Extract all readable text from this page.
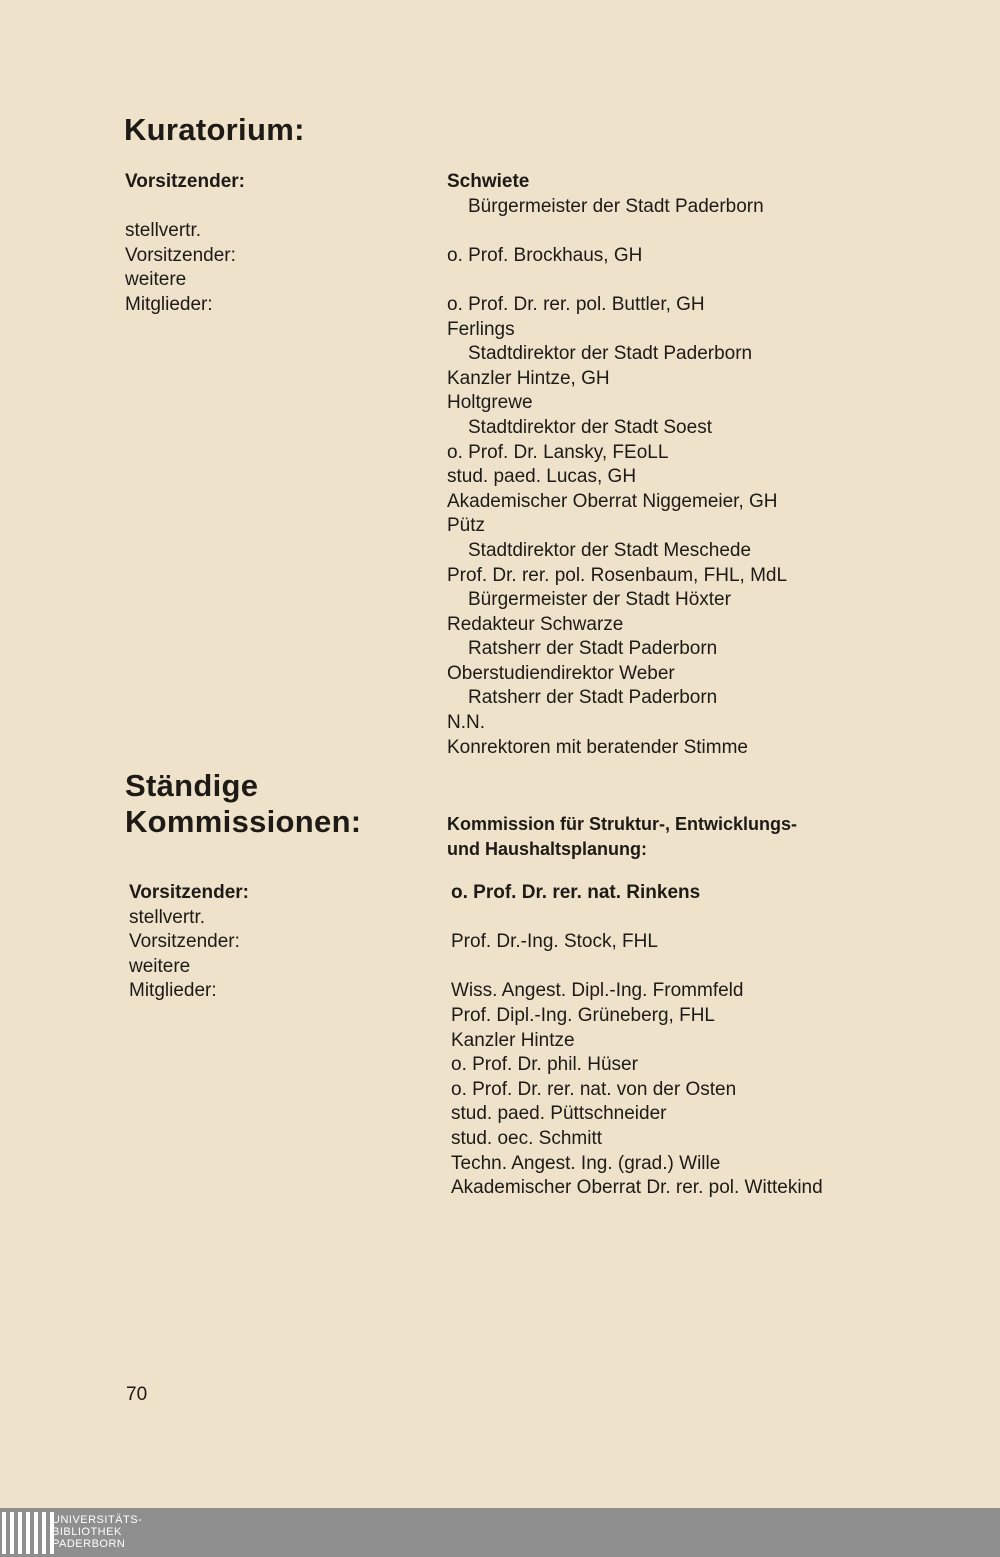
Kuratorium:
Vorsitzender:
stellvertr.
Vorsitzender:
weitere
Mitglieder:
Schwiete
Bürgermeister der Stadt Paderborn
o. Prof. Brockhaus, GH
o. Prof. Dr. rer. pol. Buttler, GH
Ferlings
Stadtdirektor der Stadt Paderborn
Kanzler Hintze, GH
Holtgrewe
Stadtdirektor der Stadt Soest
o. Prof. Dr. Lansky, FEoLL
stud. paed. Lucas, GH
Akademischer Oberrat Niggemeier, GH
Pütz
Stadtdirektor der Stadt Meschede
Prof. Dr. rer. pol. Rosenbaum, FHL, MdL
Bürgermeister der Stadt Höxter
Redakteur Schwarze
Ratsherr der Stadt Paderborn
Oberstudiendirektor Weber
Ratsherr der Stadt Paderborn
N.N.
Konrektoren mit beratender Stimme
Ständige
Kommissionen:	Kommission für Struktur-, Entwicklungs-
und Haushaltsplanung:
Vorsitzender:
stellvertr.
Vorsitzender:
weitere
Mitglieder:
o. Prof. Dr. rer. nat. Rinkens
Prof. Dr.-Ing. Stock, FHL
Wiss. Angest. Dipl.-Ing. Frommfeld
Prof. Dipl.-Ing. Grüneberg, FHL
Kanzler Hintze
o. Prof. Dr. phil. Hüser
o. Prof. Dr. rer. nat. von der Osten
stud. paed. Püttschneider
stud. oec. Schmitt
Techn. Angest. Ing. (grad.) Wille
Akademischer Oberrat Dr. rer. pol. Wittekind
70
UNIVERSITÄTS-
BIBLIOTHEK
PADERBORN
